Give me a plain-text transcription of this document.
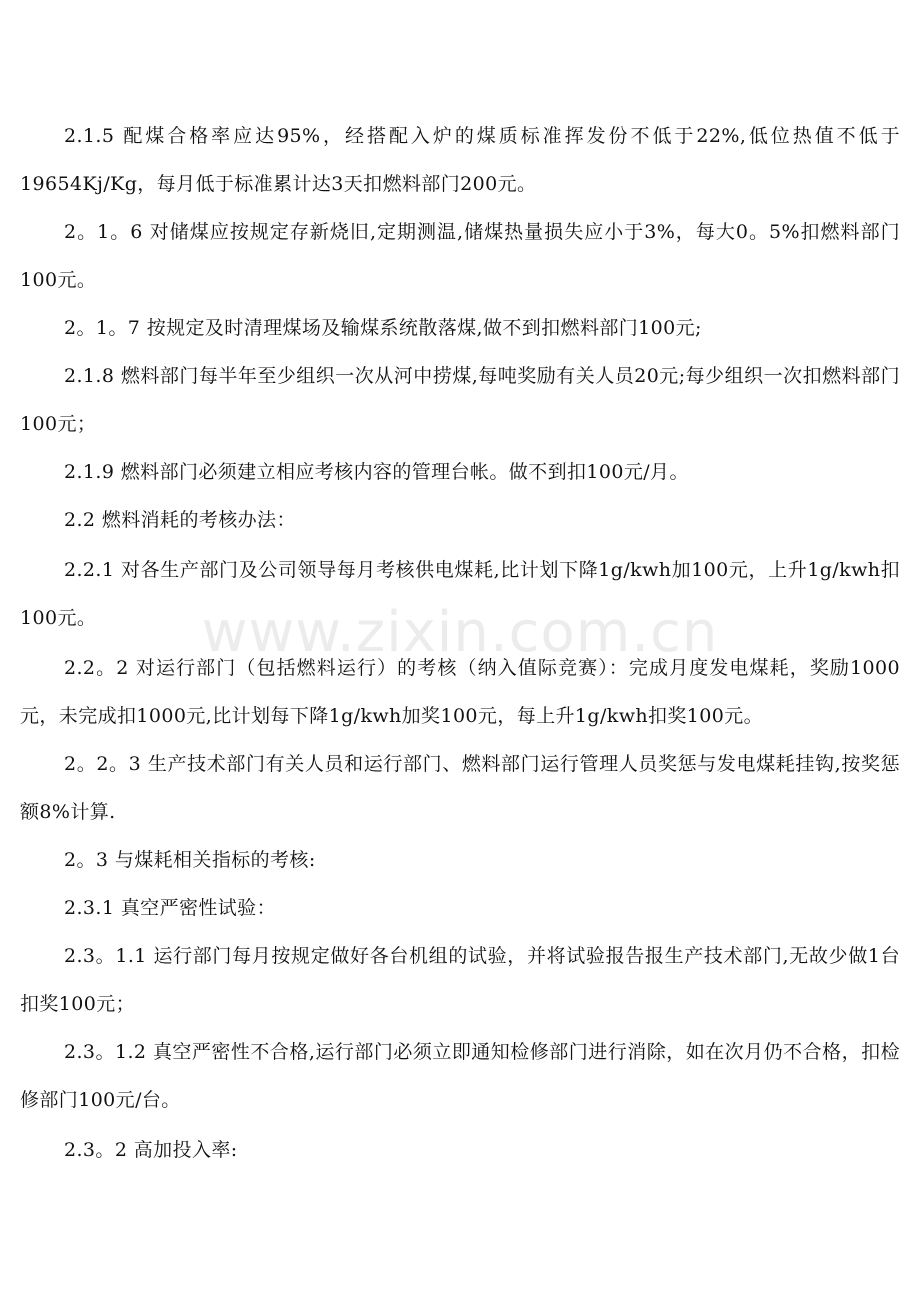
2.1.5 配煤合格率应达95%，经搭配入炉的煤质标准挥发份不低于22%,低位热值不低于19654Kj/Kg，每月低于标准累计达3天扣燃料部门200元。

2。1。6 对储煤应按规定存新烧旧,定期测温,储煤热量损失应小于3%，每大0。5%扣燃料部门100元。

2。1。7 按规定及时清理煤场及输煤系统散落煤,做不到扣燃料部门100元;

2.1.8 燃料部门每半年至少组织一次从河中捞煤,每吨奖励有关人员20元;每少组织一次扣燃料部门100元；

2.1.9 燃料部门必须建立相应考核内容的管理台帐。做不到扣100元/月。

2.2 燃料消耗的考核办法：

2.2.1 对各生产部门及公司领导每月考核供电煤耗,比计划下降1g/kwh加100元，上升1g/kwh扣100元。

2.2。2 对运行部门（包括燃料运行）的考核（纳入值际竞赛）：完成月度发电煤耗，奖励1000元，未完成扣1000元,比计划每下降1g/kwh加奖100元，每上升1g/kwh扣奖100元。

2。2。3 生产技术部门有关人员和运行部门、燃料部门运行管理人员奖惩与发电煤耗挂钩,按奖惩额8%计算.

2。3 与煤耗相关指标的考核:

2.3.1 真空严密性试验：

2.3。1.1 运行部门每月按规定做好各台机组的试验，并将试验报告报生产技术部门,无故少做1台扣奖100元；

2.3。1.2 真空严密性不合格,运行部门必须立即通知检修部门进行消除，如在次月仍不合格，扣检修部门100元/台。

2.3。2 高加投入率:

www.zixin.com.cn
